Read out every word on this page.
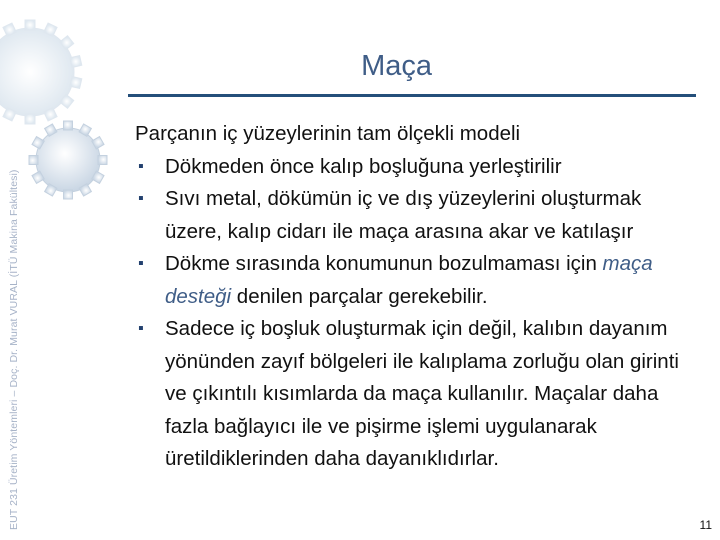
EUT 231 Üretim Yöntemleri – Doç. Dr. Murat VURAL (İTÜ Makina Fakültesi)
Maça

Parçanın iç yüzeylerinin tam ölçekli modeli

▪ Dökmeden önce kalıp boşluğuna yerleştirilir
▪ Sıvı metal, dökümün iç ve dış yüzeylerini oluşturmak üzere, kalıp cidarı ile maça arasına akar ve katılaşır
▪ Dökme sırasında konumunun bozulmaması için maça desteği denilen parçalar gerekebilir.
▪ Sadece iç boşluk oluşturmak için değil, kalıbın dayanım yönünden zayıf bölgeleri ile kalıplama zorluğu olan girinti ve çıkıntılı kısımlarda da maça kullanılır. Maçalar daha fazla bağlayıcı ile ve pişirme işlemi uygulanarak üretildiklerinden daha dayanıklıdırlar.
11
